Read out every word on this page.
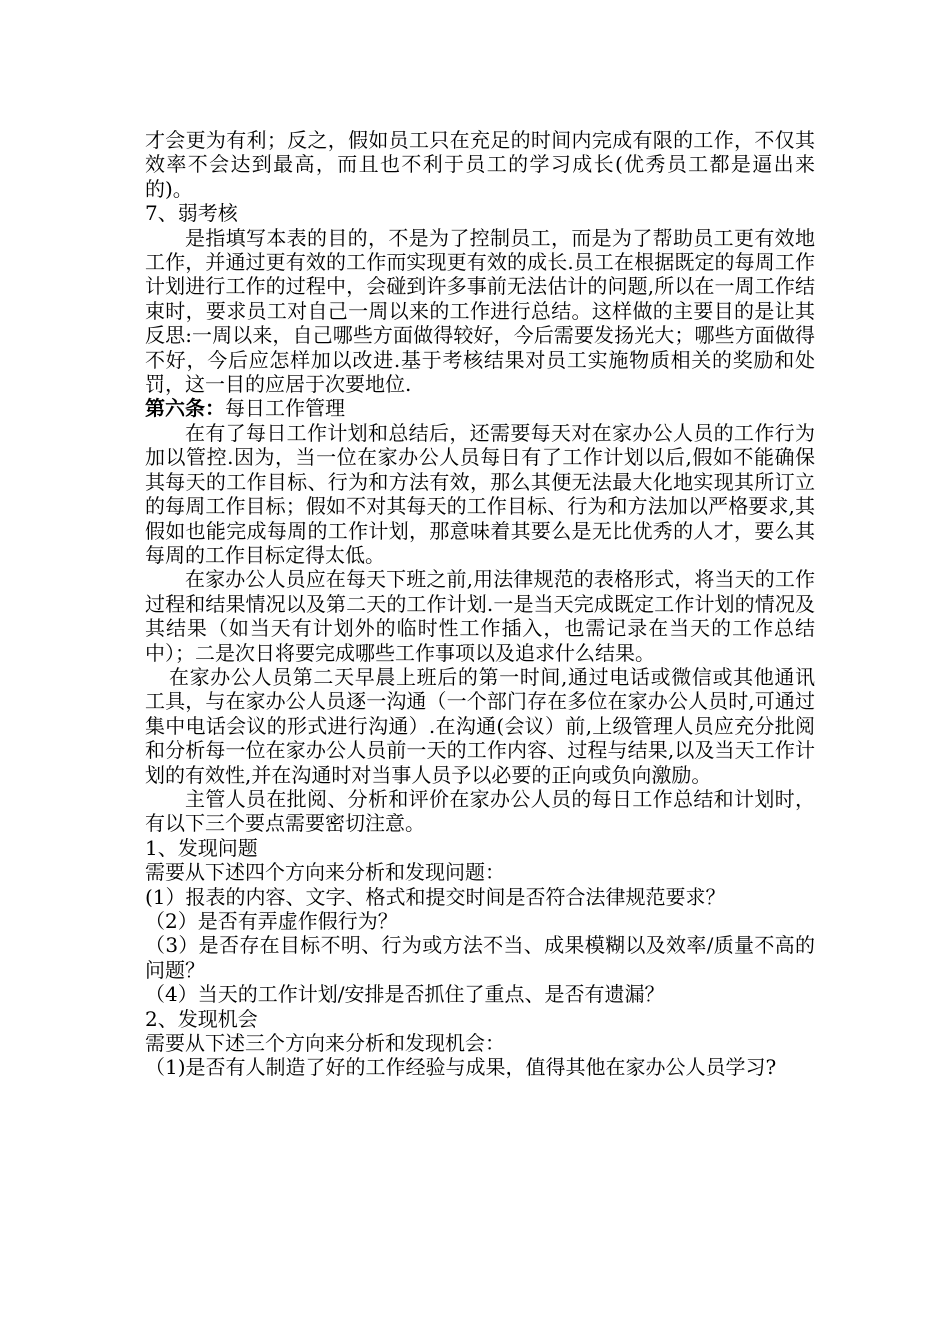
才会更为有利；反之，假如员工只在充足的时间内完成有限的工作，不仅其效率不会达到最高，而且也不利于员工的学习成长(优秀员工都是逼出来的)。

7、弱考核

是指填写本表的目的，不是为了控制员工，而是为了帮助员工更有效地工作，并通过更有效的工作而实现更有效的成长.员工在根据既定的每周工作计划进行工作的过程中，会碰到许多事前无法估计的问题,所以在一周工作结束时，要求员工对自己一周以来的工作进行总结。这样做的主要目的是让其反思:一周以来，自己哪些方面做得较好，今后需要发扬光大；哪些方面做得不好，今后应怎样加以改进.基于考核结果对员工实施物质相关的奖励和处罚，这一目的应居于次要地位.

第六条：每日工作管理

在有了每日工作计划和总结后，还需要每天对在家办公人员的工作行为加以管控.因为，当一位在家办公人员每日有了工作计划以后,假如不能确保其每天的工作目标、行为和方法有效，那么其便无法最大化地实现其所订立的每周工作目标；假如不对其每天的工作目标、行为和方法加以严格要求,其假如也能完成每周的工作计划，那意味着其要么是无比优秀的人才，要么其每周的工作目标定得太低。

在家办公人员应在每天下班之前,用法律规范的表格形式，将当天的工作过程和结果情况以及第二天的工作计划.一是当天完成既定工作计划的情况及其结果（如当天有计划外的临时性工作插入，也需记录在当天的工作总结中）；二是次日将要完成哪些工作事项以及追求什么结果。

在家办公人员第二天早晨上班后的第一时间,通过电话或微信或其他通讯工具，与在家办公人员逐一沟通（一个部门存在多位在家办公人员时,可通过集中电话会议的形式进行沟通）.在沟通(会议）前,上级管理人员应充分批阅和分析每一位在家办公人员前一天的工作内容、过程与结果,以及当天工作计划的有效性,并在沟通时对当事人员予以必要的正向或负向激励。

主管人员在批阅、分析和评价在家办公人员的每日工作总结和计划时，有以下三个要点需要密切注意。

1、发现问题

需要从下述四个方向来分析和发现问题：

(1）报表的内容、文字、格式和提交时间是否符合法律规范要求？

（2）是否有弄虚作假行为？

（3）是否存在目标不明、行为或方法不当、成果模糊以及效率/质量不高的问题？

（4）当天的工作计划/安排是否抓住了重点、是否有遗漏？

2、发现机会

需要从下述三个方向来分析和发现机会：

（1)是否有人制造了好的工作经验与成果，值得其他在家办公人员学习?
